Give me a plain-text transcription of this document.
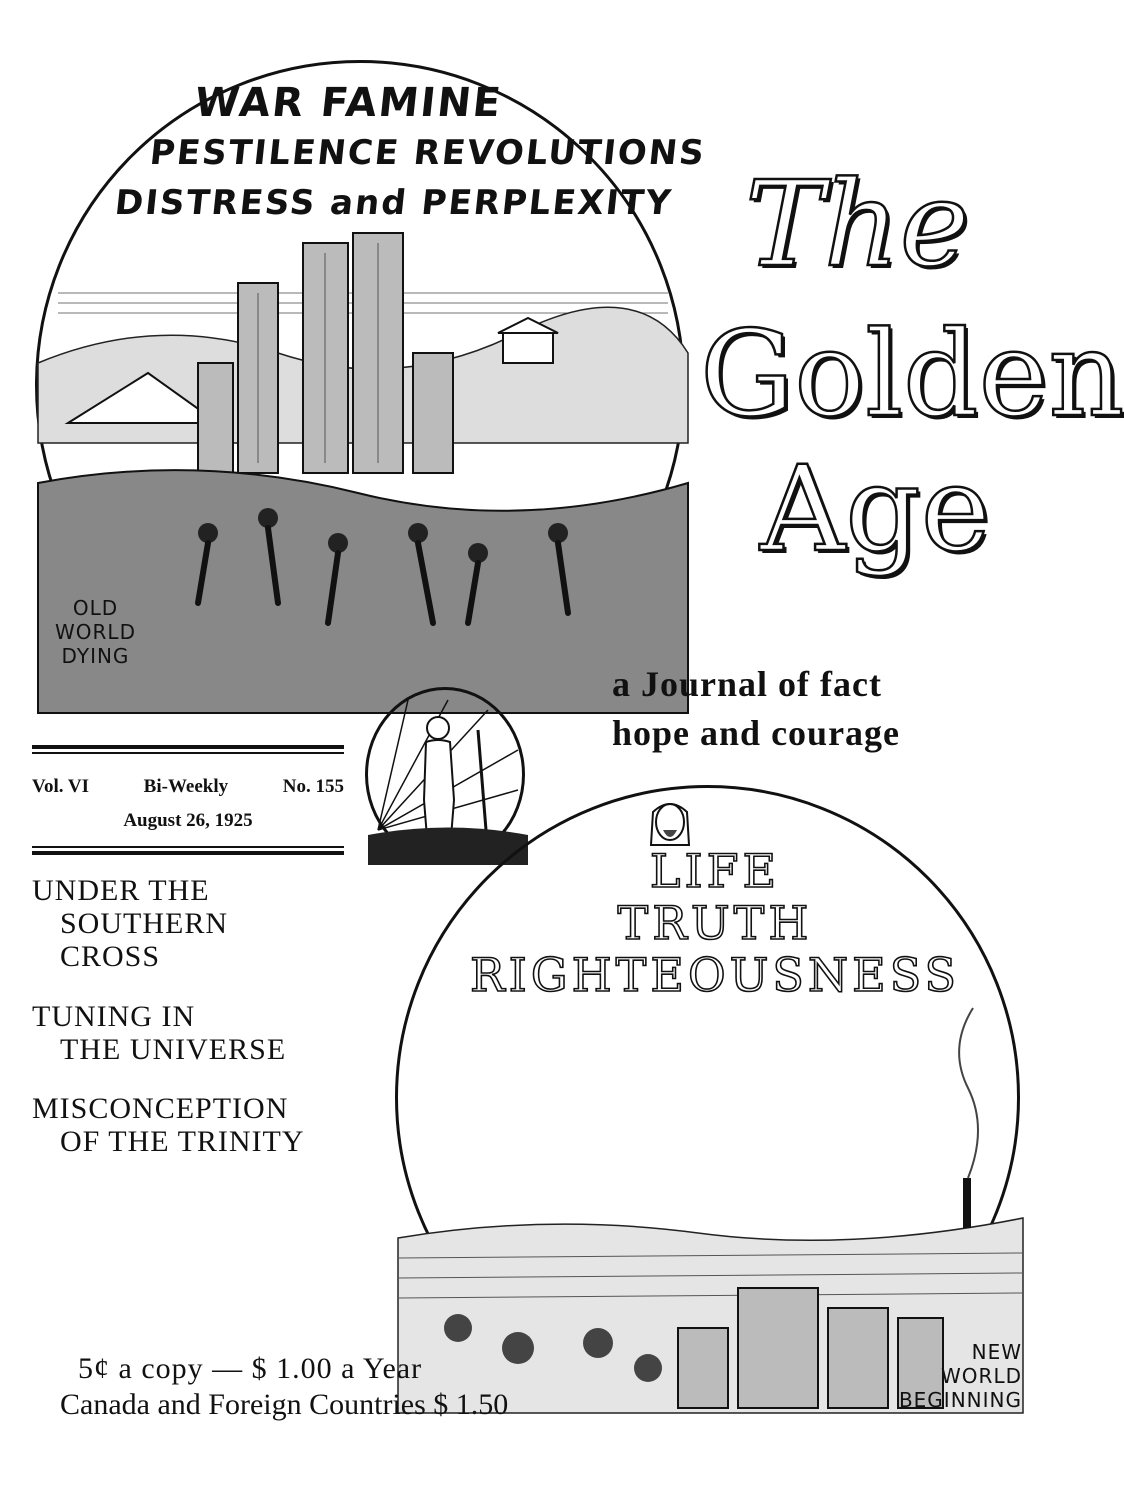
WAR FAMINE
PESTILENCE REVOLUTIONS
DISTRESS and PERPLEXITY
OLD
WORLD
DYING
The
Golden
Age
a Journal of fact
hope and courage
Vol. VI	Bi-Weekly	No. 155
August 26, 1925
UNDER THE
SOUTHERN
CROSS
TUNING IN
THE UNIVERSE
MISCONCEPTION
OF THE TRINITY
LIFE
TRUTH
RIGHTEOUSNESS
NEW
WORLD
BEGINNING
5¢ a copy — $ 1.00 a Year
Canada and Foreign Countries $ 1.50
